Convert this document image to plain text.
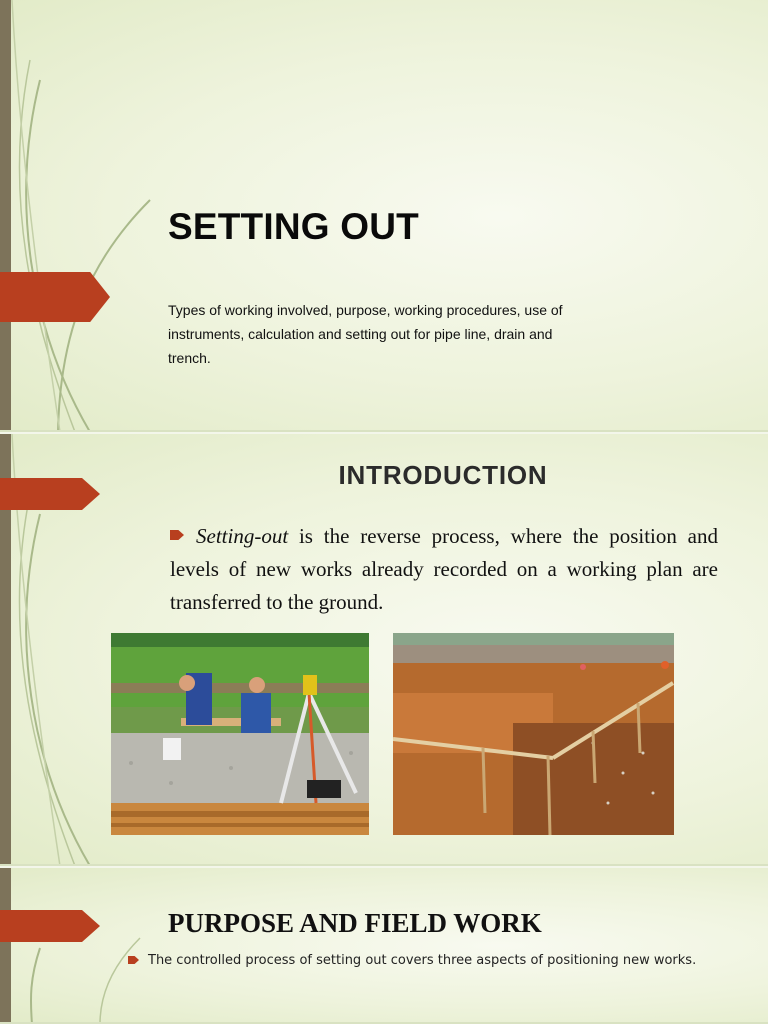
SETTING OUT

Types of working involved, purpose, working procedures, use of instruments, calculation and setting out for pipe line, drain and trench.

INTRODUCTION
Setting-out is the reverse process, where the position and levels of new works already recorded on a working plan are transferred to the ground.
PURPOSE AND FIELD WORK
The controlled process of setting out covers three aspects of positioning new works.
